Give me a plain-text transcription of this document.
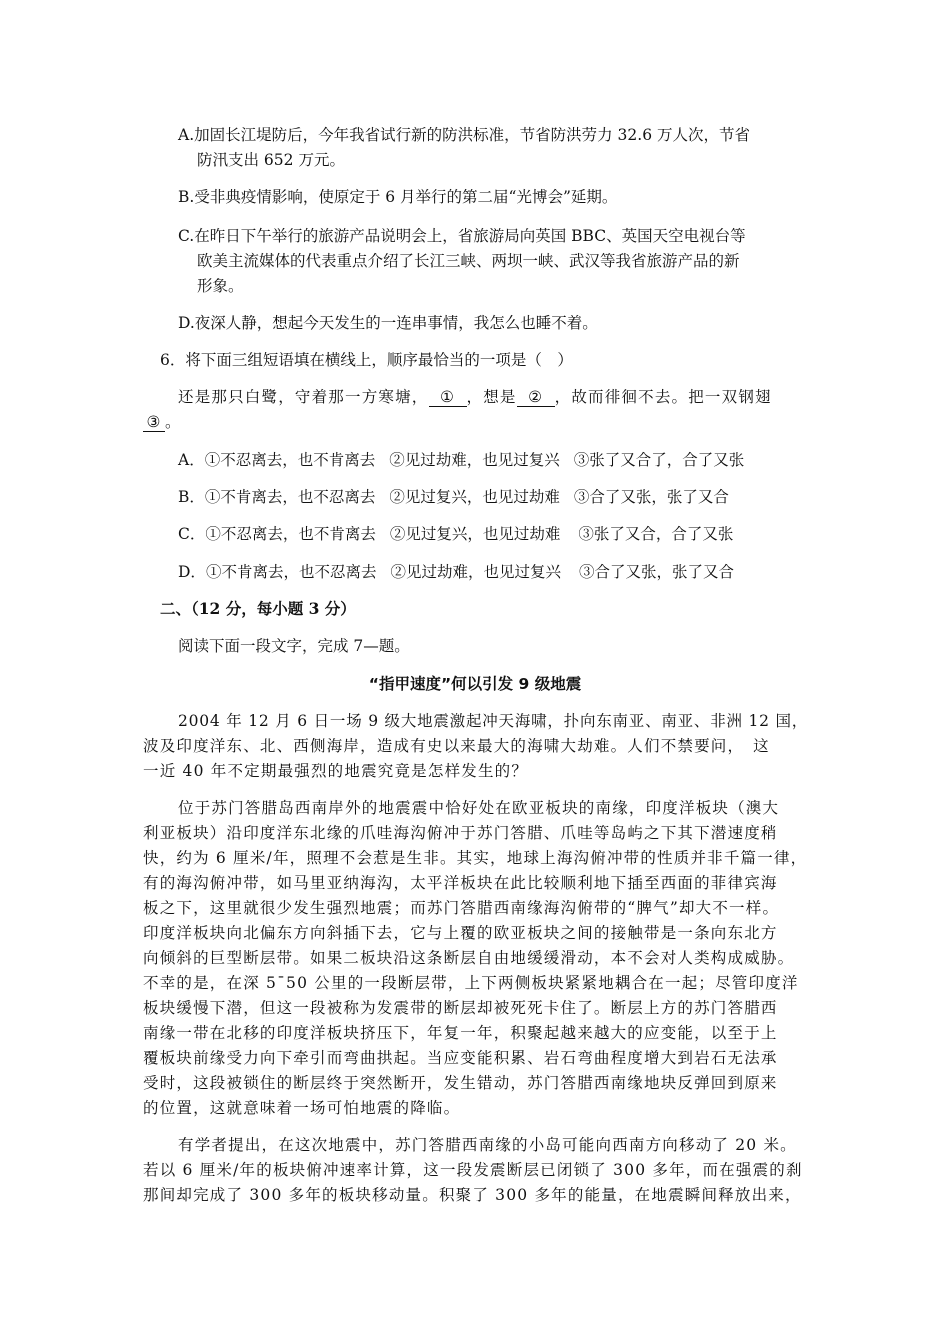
A.加固长江堤防后，今年我省试行新的防洪标准，节省防洪劳力 32.6 万人次，节省
防汛支出 652 万元。
B.受非典疫情影响，使原定于 6 月举行的第二届“光博会”延期。
C.在昨日下午举行的旅游产品说明会上，省旅游局向英国 BBC、英国天空电视台等
欧美主流媒体的代表重点介绍了长江三峡、两坝一峡、武汉等我省旅游产品的新
形象。
D.夜深人静，想起今天发生的一连串事情，我怎么也睡不着。
6．将下面三组短语填在横线上，顺序最恰当的一项是（　）
还是那只白鹭，守着那一方寒塘， ① ，想是 ② ，故而徘徊不去。把一双钢翅
③ 。
A．①不忍离去，也不肯离去 ②见过劫难，也见过复兴 ③张了又合了，合了又张
B．①不肯离去，也不忍离去 ②见过复兴，也见过劫难 ③合了又张，张了又合
C．①不忍离去，也不肯离去 ②见过复兴，也见过劫难 ③张了又合，合了又张
D．①不肯离去，也不忍离去 ②见过劫难，也见过复兴 ③合了又张，张了又合
二、（12 分，每小题 3 分）
阅读下面一段文字，完成 7—题。
“指甲速度”何以引发 9 级地震
2004 年 12 月 6 日一场 9 级大地震激起冲天海啸，扑向东南亚、南亚、非洲 12 国，
波及印度洋东、北、西侧海岸，造成有史以来最大的海啸大劫难。人们不禁要问，　这
一近 40 年不定期最强烈的地震究竟是怎样发生的？
位于苏门答腊岛西南岸外的地震震中恰好处在欧亚板块的南缘，印度洋板块（澳大
利亚板块）沿印度洋东北缘的爪哇海沟俯冲于苏门答腊、爪哇等岛屿之下其下潜速度稍
快，约为 6 厘米/年，照理不会惹是生非。其实，地球上海沟俯冲带的性质并非千篇一律，
有的海沟俯冲带，如马里亚纳海沟，太平洋板块在此比较顺利地下插至西面的菲律宾海
板之下，这里就很少发生强烈地震；而苏门答腊西南缘海沟俯带的“脾气”却大不一样。
印度洋板块向北偏东方向斜插下去，它与上覆的欧亚板块之间的接触带是一条向东北方
向倾斜的巨型断层带。如果二板块沿这条断层自由地缓缓滑动，本不会对人类构成威胁。
不幸的是，在深 5¯50 公里的一段断层带，上下两侧板块紧紧地耦合在一起；尽管印度洋
板块缓慢下潜，但这一段被称为发震带的断层却被死死卡住了。断层上方的苏门答腊西
南缘一带在北移的印度洋板块挤压下，年复一年，积聚起越来越大的应变能，以至于上
覆板块前缘受力向下牵引而弯曲拱起。当应变能积累、岩石弯曲程度增大到岩石无法承
受时，这段被锁住的断层终于突然断开，发生错动，苏门答腊西南缘地块反弹回到原来
的位置，这就意味着一场可怕地震的降临。
有学者提出，在这次地震中，苏门答腊西南缘的小岛可能向西南方向移动了 20 米。
若以 6 厘米/年的板块俯冲速率计算，这一段发震断层已闭锁了 300 多年，而在强震的刹
那间却完成了 300 多年的板块移动量。积聚了 300 多年的能量，在地震瞬间释放出来，
